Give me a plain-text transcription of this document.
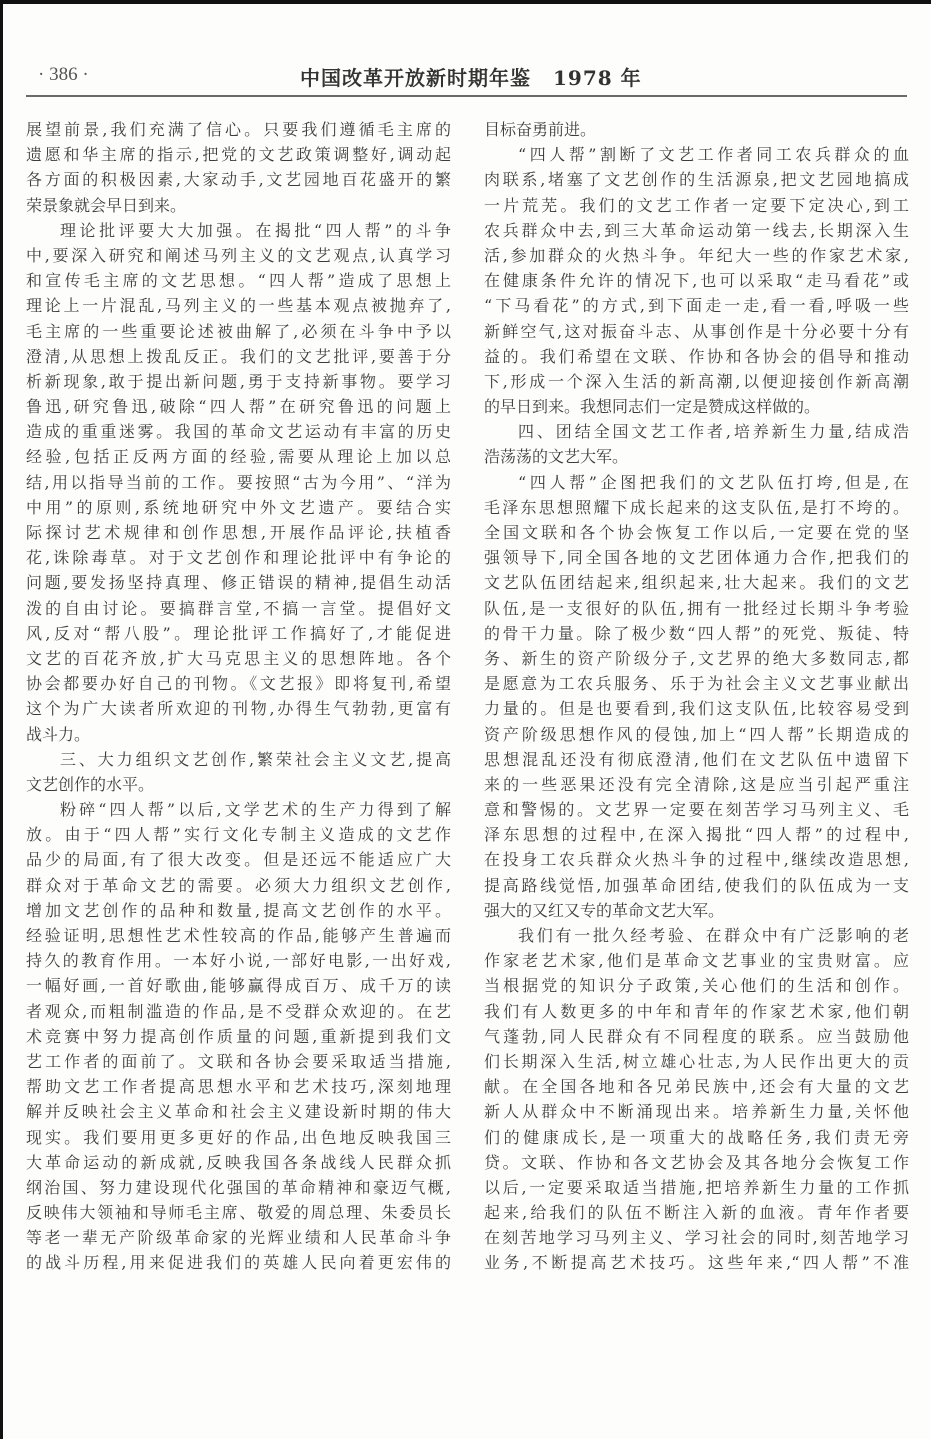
· 386 ·	中国改革开放新时期年鉴 1978 年
展望前景,我们充满了信心。只要我们遵循毛主席的
遗愿和华主席的指示,把党的文艺政策调整好,调动起
各方面的积极因素,大家动手,文艺园地百花盛开的繁
荣景象就会早日到来。
理论批评要大大加强。在揭批“四人帮”的斗争
中,要深入研究和阐述马列主义的文艺观点,认真学习
和宣传毛主席的文艺思想。“四人帮”造成了思想上
理论上一片混乱,马列主义的一些基本观点被抛弃了,
毛主席的一些重要论述被曲解了,必须在斗争中予以
澄清,从思想上拨乱反正。我们的文艺批评,要善于分
析新现象,敢于提出新问题,勇于支持新事物。要学习
鲁迅,研究鲁迅,破除“四人帮”在研究鲁迅的问题上
造成的重重迷雾。我国的革命文艺运动有丰富的历史
经验,包括正反两方面的经验,需要从理论上加以总
结,用以指导当前的工作。要按照“古为今用”、“洋为
中用”的原则,系统地研究中外文艺遗产。要结合实
际探讨艺术规律和创作思想,开展作品评论,扶植香
花,诛除毒草。对于文艺创作和理论批评中有争论的
问题,要发扬坚持真理、修正错误的精神,提倡生动活
泼的自由讨论。要搞群言堂,不搞一言堂。提倡好文
风,反对“帮八股”。理论批评工作搞好了,才能促进
文艺的百花齐放,扩大马克思主义的思想阵地。各个
协会都要办好自己的刊物。《文艺报》即将复刊,希望
这个为广大读者所欢迎的刊物,办得生气勃勃,更富有
战斗力。
三、大力组织文艺创作,繁荣社会主义文艺,提高
文艺创作的水平。
粉碎“四人帮”以后,文学艺术的生产力得到了解
放。由于“四人帮”实行文化专制主义造成的文艺作
品少的局面,有了很大改变。但是还远不能适应广大
群众对于革命文艺的需要。必须大力组织文艺创作,
增加文艺创作的品种和数量,提高文艺创作的水平。
经验证明,思想性艺术性较高的作品,能够产生普遍而
持久的教育作用。一本好小说,一部好电影,一出好戏,
一幅好画,一首好歌曲,能够赢得成百万、成千万的读
者观众,而粗制滥造的作品,是不受群众欢迎的。在艺
术竞赛中努力提高创作质量的问题,重新提到我们文
艺工作者的面前了。文联和各协会要采取适当措施,
帮助文艺工作者提高思想水平和艺术技巧,深刻地理
解并反映社会主义革命和社会主义建设新时期的伟大
现实。我们要用更多更好的作品,出色地反映我国三
大革命运动的新成就,反映我国各条战线人民群众抓
纲治国、努力建设现代化强国的革命精神和豪迈气概,
反映伟大领袖和导师毛主席、敬爱的周总理、朱委员长
等老一辈无产阶级革命家的光辉业绩和人民革命斗争
的战斗历程,用来促进我们的英雄人民向着更宏伟的
目标奋勇前进。
“四人帮”割断了文艺工作者同工农兵群众的血
肉联系,堵塞了文艺创作的生活源泉,把文艺园地搞成
一片荒芜。我们的文艺工作者一定要下定决心,到工
农兵群众中去,到三大革命运动第一线去,长期深入生
活,参加群众的火热斗争。年纪大一些的作家艺术家,
在健康条件允许的情况下,也可以采取“走马看花”或
“下马看花”的方式,到下面走一走,看一看,呼吸一些
新鲜空气,这对振奋斗志、从事创作是十分必要十分有
益的。我们希望在文联、作协和各协会的倡导和推动
下,形成一个深入生活的新高潮,以便迎接创作新高潮
的早日到来。我想同志们一定是赞成这样做的。
四、团结全国文艺工作者,培养新生力量,结成浩
浩荡荡的文艺大军。
“四人帮”企图把我们的文艺队伍打垮,但是,在
毛泽东思想照耀下成长起来的这支队伍,是打不垮的。
全国文联和各个协会恢复工作以后,一定要在党的坚
强领导下,同全国各地的文艺团体通力合作,把我们的
文艺队伍团结起来,组织起来,壮大起来。我们的文艺
队伍,是一支很好的队伍,拥有一批经过长期斗争考验
的骨干力量。除了极少数“四人帮”的死党、叛徒、特
务、新生的资产阶级分子,文艺界的绝大多数同志,都
是愿意为工农兵服务、乐于为社会主义文艺事业献出
力量的。但是也要看到,我们这支队伍,比较容易受到
资产阶级思想作风的侵蚀,加上“四人帮”长期造成的
思想混乱还没有彻底澄清,他们在文艺队伍中遗留下
来的一些恶果还没有完全清除,这是应当引起严重注
意和警惕的。文艺界一定要在刻苦学习马列主义、毛
泽东思想的过程中,在深入揭批“四人帮”的过程中,
在投身工农兵群众火热斗争的过程中,继续改造思想,
提高路线觉悟,加强革命团结,使我们的队伍成为一支
强大的又红又专的革命文艺大军。
我们有一批久经考验、在群众中有广泛影响的老
作家老艺术家,他们是革命文艺事业的宝贵财富。应
当根据党的知识分子政策,关心他们的生活和创作。
我们有人数更多的中年和青年的作家艺术家,他们朝
气蓬勃,同人民群众有不同程度的联系。应当鼓励他
们长期深入生活,树立雄心壮志,为人民作出更大的贡
献。在全国各地和各兄弟民族中,还会有大量的文艺
新人从群众中不断涌现出来。培养新生力量,关怀他
们的健康成长,是一项重大的战略任务,我们责无旁
贷。文联、作协和各文艺协会及其各地分会恢复工作
以后,一定要采取适当措施,把培养新生力量的工作抓
起来,给我们的队伍不断注入新的血液。青年作者要
在刻苦地学习马列主义、学习社会的同时,刻苦地学习
业务,不断提高艺术技巧。这些年来,“四人帮”不准
